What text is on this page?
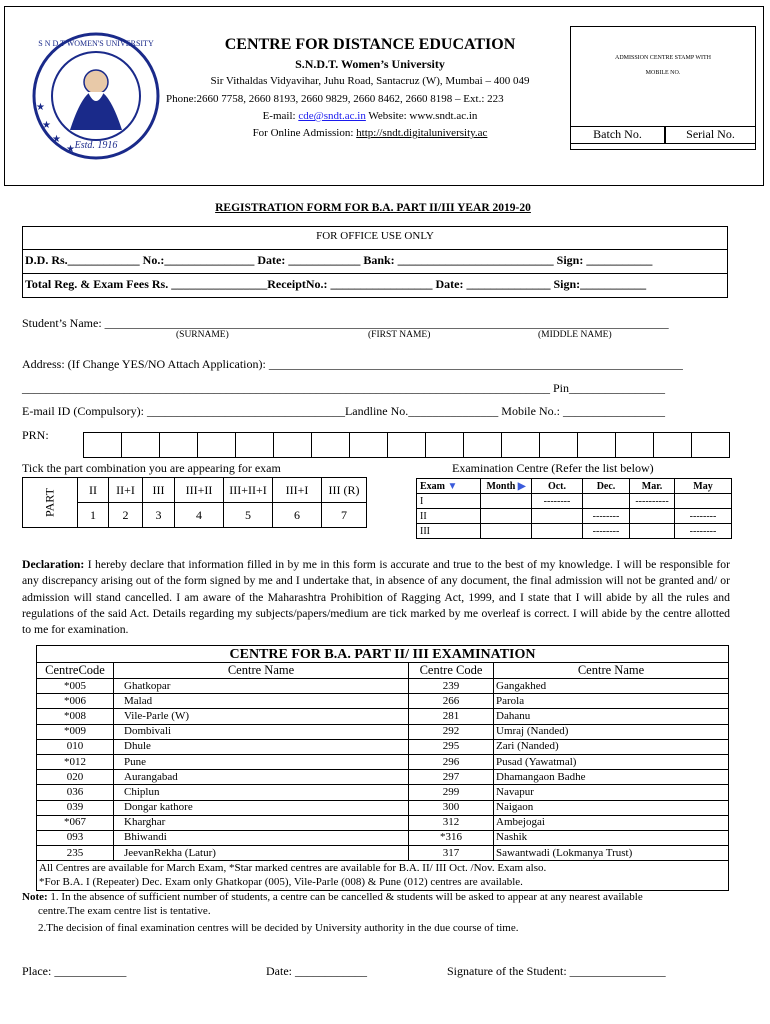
Estd. 1916
S N D T WOMEN'S UNIVERSITY
★
★
★
★
CENTRE FOR DISTANCE EDUCATION
S.N.D.T. Women’s University
Sir Vithaldas Vidyavihar, Juhu Road, Santacruz (W), Mumbai – 400 049
Phone:2660 7758, 2660 8193, 2660 9829, 2660 8462, 2660 8198 – Ext.: 223
E-mail: cde@sndt.ac.in Website: www.sndt.ac.in
For Online Admission: http://sndt.digitaluniversity.ac
ADMISSION CENTRE STAMP WITH
MOBILE NO.
Batch No.	Serial No.
REGISTRATION FORM FOR B.A. PART II/III YEAR 2019-20
FOR OFFICE USE ONLY
D.D. Rs.____________ No.:_______________ Date: ____________ Bank: __________________________ Sign: ___________
Total Reg. & Exam Fees Rs. ________________ReceiptNo.: _________________ Date: ______________ Sign:___________
Student’s Name: ______________________________________________________________________________________________
(SURNAME)	(FIRST NAME)	(MIDDLE NAME)
Address: (If Change YES/NO Attach Application): _____________________________________________________________________
________________________________________________________________________________________ Pin________________
E-mail ID (Compulsory): _________________________________Landline No._______________ Mobile No.: _________________
PRN:

Tick the part combination you are appearing for exam
PART	II	II+I	III	III+II	III+II+I	III+I	III (R)
	1	2	3	4	5	6	7
Examination Centre (Refer the list below)
Exam ▼	Month ▶	Oct.	Dec.	Mar.	May
I		--------		----------	
II			--------		--------
III			--------		--------
Declaration: I hereby declare that information filled in by me in this form is accurate and true to the best of my knowledge. I will be responsible for any discrepancy arising out of the form signed by me and I undertake that, in absence of any document, the final admission will not be granted and/ or admission will stand cancelled. I am aware of the Maharashtra Prohibition of Ragging Act, 1999, and I state that I will abide by all the rules and regulations of the said Act. Details regarding my subjects/papers/medium are tick marked by me overleaf is correct. I will abide by the centre allotted to me for examination.
CENTRE FOR B.A. PART II/ III EXAMINATION			
CentreCode	Centre Name	Centre Code	Centre Name
*005	Ghatkopar	239	Gangakhed
*006	Malad	266	Parola
*008	Vile-Parle (W)	281	Dahanu
*009	Dombivali	292	Umraj (Nanded)
010	Dhule	295	Zari (Nanded)
*012	Pune	296	Pusad (Yawatmal)
020	Aurangabad	297	Dhamangaon Badhe
036	Chiplun	299	Navapur
039	Dongar kathore	300	Naigaon
*067	Kharghar	312	Ambejogai
093	Bhiwandi	*316	Nashik
235	JeevanRekha (Latur)	317	Sawantwadi (Lokmanya Trust)
All Centres are available for March Exam, *Star marked centres are available for B.A. II/ III Oct. /Nov. Exam also.			
*For B.A. I (Repeater) Dec. Exam only Ghatkopar (005), Vile-Parle (008) & Pune (012) centres are available.			
Note: 1. In the absence of sufficient number of students, a centre can be cancelled & students will be asked to appear at any nearest available
centre.The exam centre list is tentative.
2.The decision of final examination centres will be decided by University authority in the due course of time.
Place: ____________	Date: ____________	Signature of the Student: ________________
